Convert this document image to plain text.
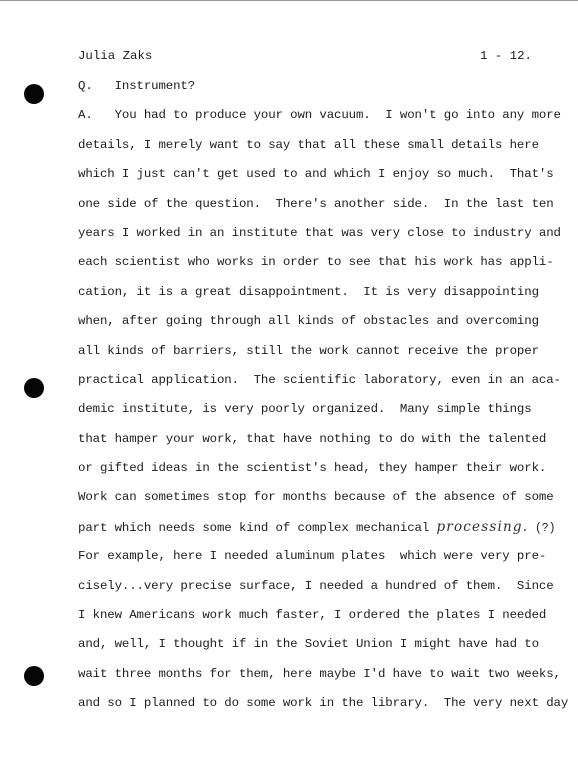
Julia Zaks	1 - 12.
Q.   Instrument?
A.   You had to produce your own vacuum.  I won't go into any more
details, I merely want to say that all these small details here
which I just can't get used to and which I enjoy so much.  That's
one side of the question.  There's another side.  In the last ten
years I worked in an institute that was very close to industry and
each scientist who works in order to see that his work has appli-
cation, it is a great disappointment.  It is very disappointing
when, after going through all kinds of obstacles and overcoming
all kinds of barriers, still the work cannot receive the proper
practical application.  The scientific laboratory, even in an aca-
demic institute, is very poorly organized.  Many simple things
that hamper your work, that have nothing to do with the talented
or gifted ideas in the scientist's head, they hamper their work.
Work can sometimes stop for months because of the absence of some
part which needs some kind of complex mechanical processing. (?)
For example, here I needed aluminum plates  which were very pre-
cisely...very precise surface, I needed a hundred of them.  Since
I knew Americans work much faster, I ordered the plates I needed
and, well, I thought if in the Soviet Union I might have had to
wait three months for them, here maybe I'd have to wait two weeks,
and so I planned to do some work in the library.  The very next day
